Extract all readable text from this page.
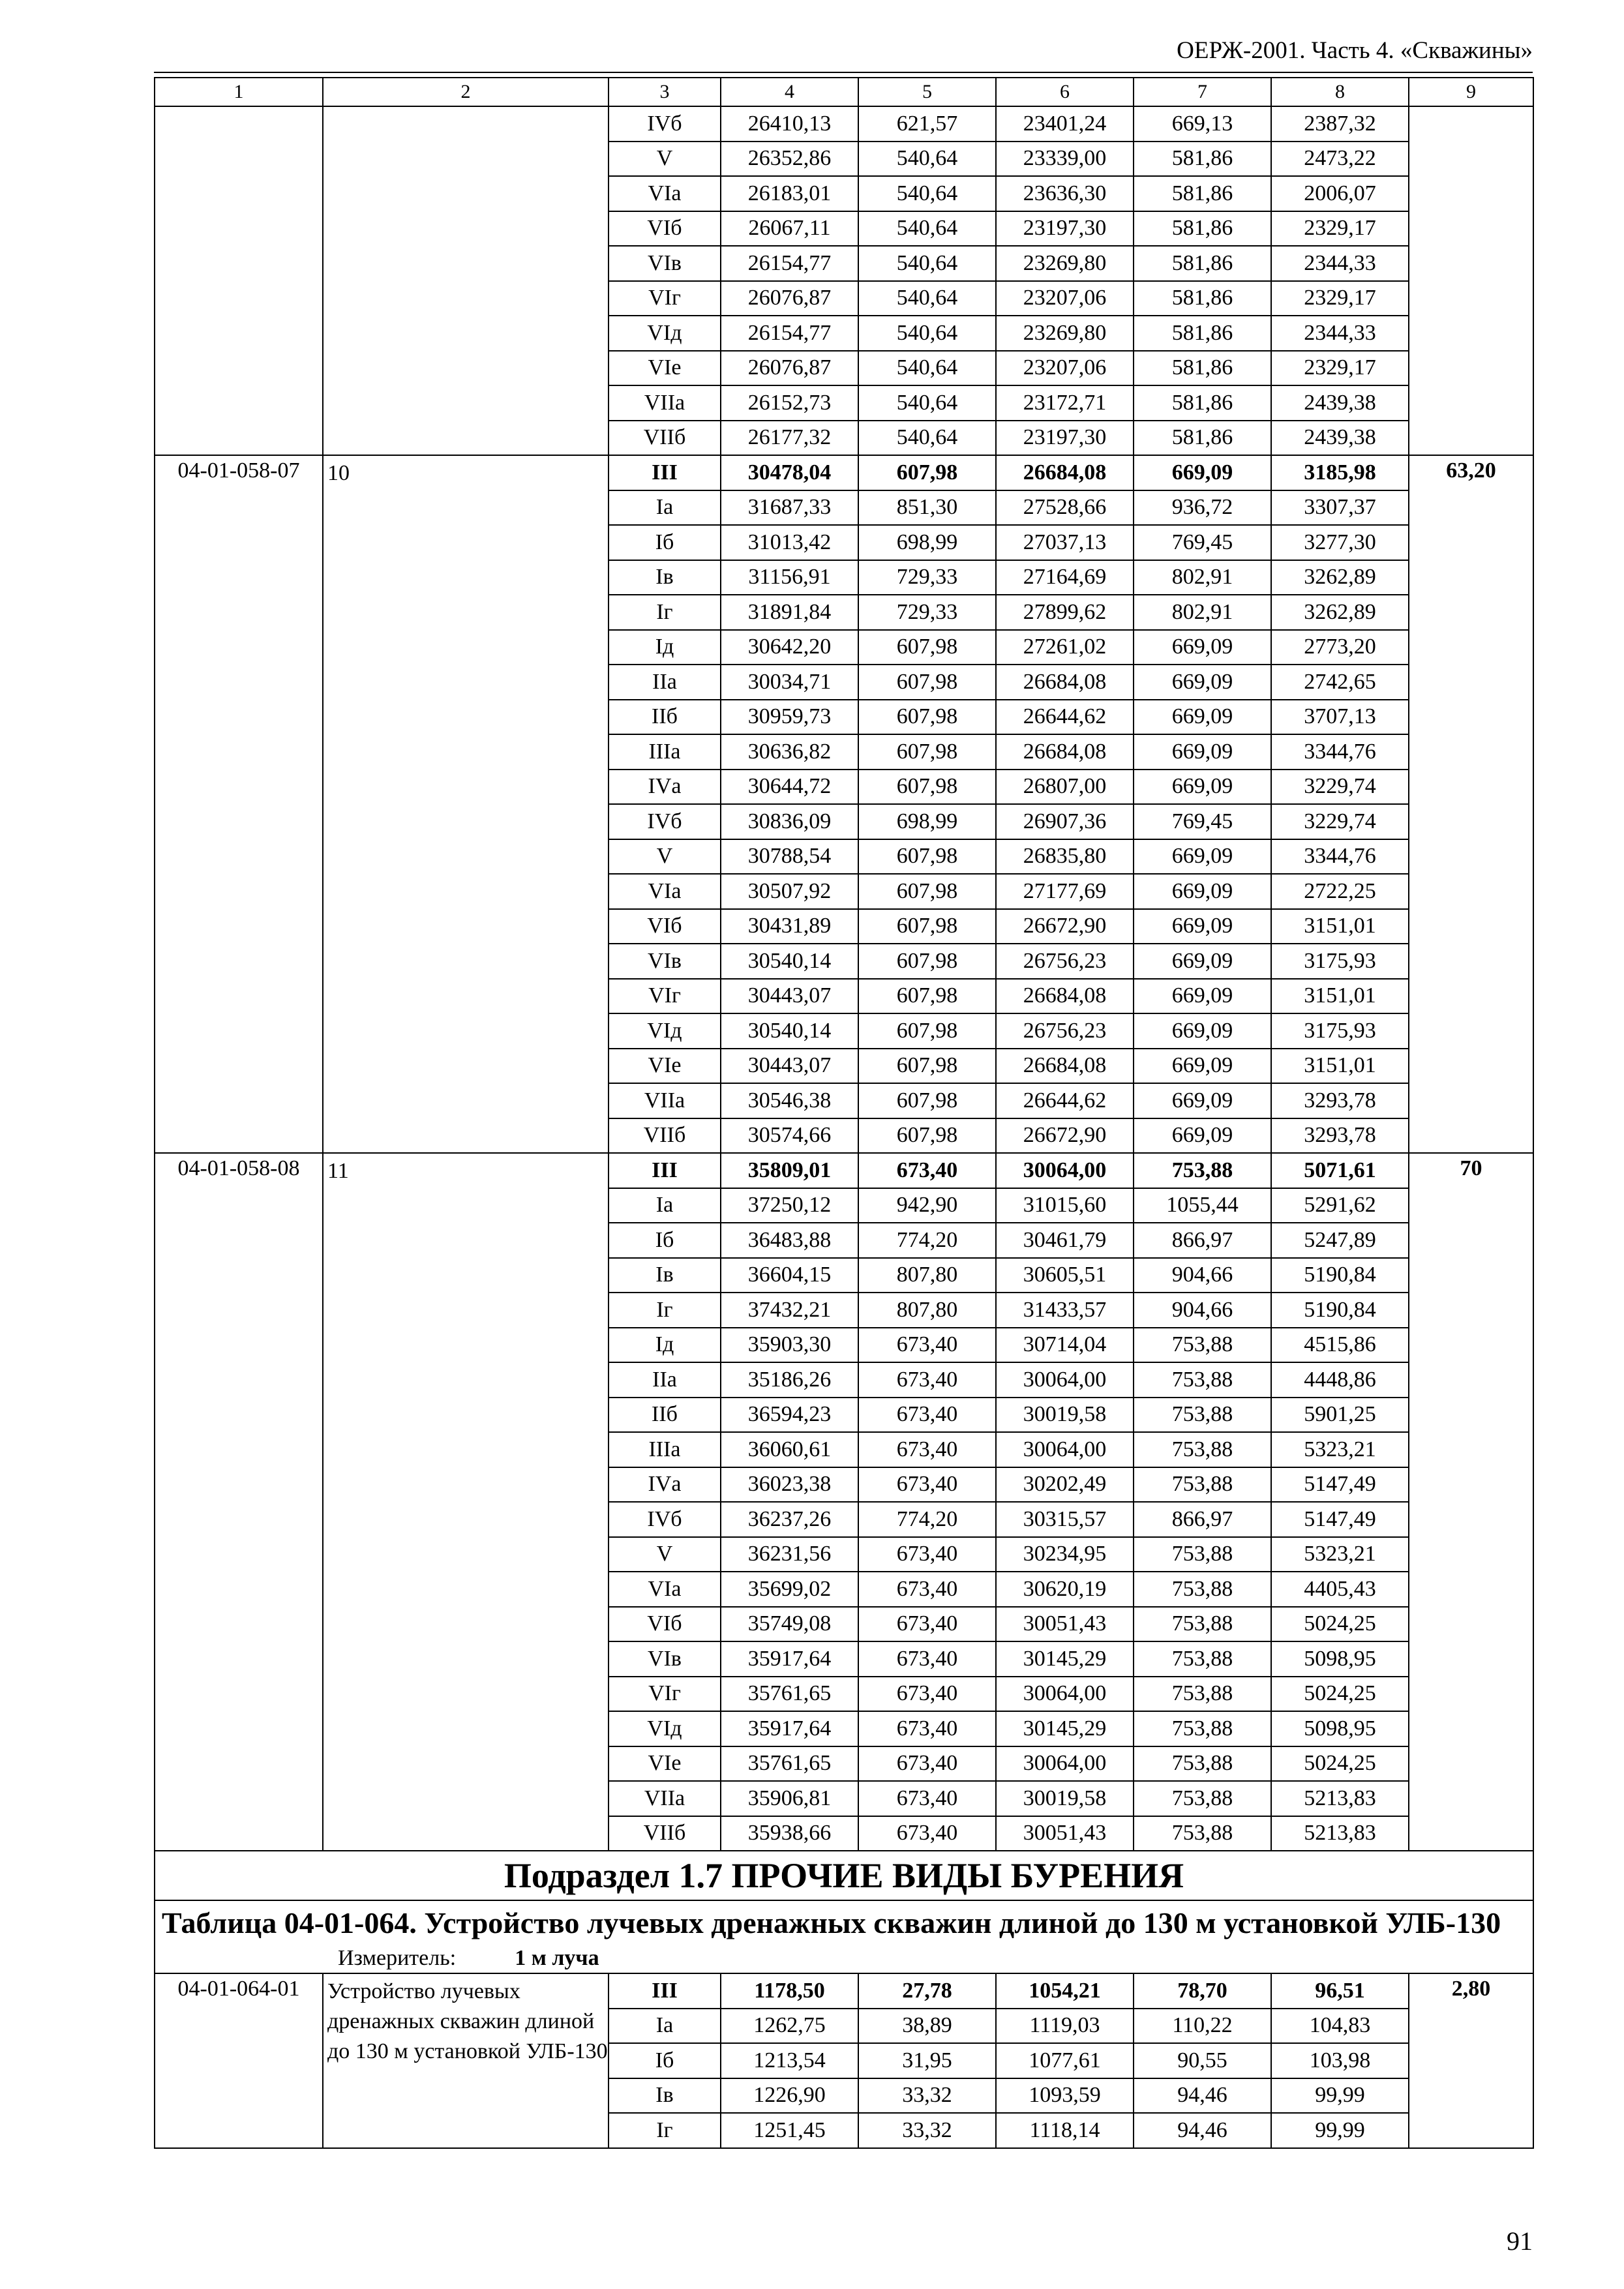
ОЕРЖ-2001. Часть 4. «Скважины»
1	2	3	4	5	6	7	8	9
		IVб	26410,13	621,57	23401,24	669,13	2387,32	
		V	26352,86	540,64	23339,00	581,86	2473,22	
		VIа	26183,01	540,64	23636,30	581,86	2006,07	
		VIб	26067,11	540,64	23197,30	581,86	2329,17	
		VIв	26154,77	540,64	23269,80	581,86	2344,33	
		VIг	26076,87	540,64	23207,06	581,86	2329,17	
		VIд	26154,77	540,64	23269,80	581,86	2344,33	
		VIе	26076,87	540,64	23207,06	581,86	2329,17	
		VIIа	26152,73	540,64	23172,71	581,86	2439,38	
		VIIб	26177,32	540,64	23197,30	581,86	2439,38	
04-01-058-07	10	III	30478,04	607,98	26684,08	669,09	3185,98	63,20
		Iа	31687,33	851,30	27528,66	936,72	3307,37	
		Iб	31013,42	698,99	27037,13	769,45	3277,30	
		Iв	31156,91	729,33	27164,69	802,91	3262,89	
		Iг	31891,84	729,33	27899,62	802,91	3262,89	
		Iд	30642,20	607,98	27261,02	669,09	2773,20	
		IIа	30034,71	607,98	26684,08	669,09	2742,65	
		IIб	30959,73	607,98	26644,62	669,09	3707,13	
		IIIа	30636,82	607,98	26684,08	669,09	3344,76	
		IVа	30644,72	607,98	26807,00	669,09	3229,74	
		IVб	30836,09	698,99	26907,36	769,45	3229,74	
		V	30788,54	607,98	26835,80	669,09	3344,76	
		VIа	30507,92	607,98	27177,69	669,09	2722,25	
		VIб	30431,89	607,98	26672,90	669,09	3151,01	
		VIв	30540,14	607,98	26756,23	669,09	3175,93	
		VIг	30443,07	607,98	26684,08	669,09	3151,01	
		VIд	30540,14	607,98	26756,23	669,09	3175,93	
		VIе	30443,07	607,98	26684,08	669,09	3151,01	
		VIIа	30546,38	607,98	26644,62	669,09	3293,78	
		VIIб	30574,66	607,98	26672,90	669,09	3293,78	
04-01-058-08	11	III	35809,01	673,40	30064,00	753,88	5071,61	70
		Iа	37250,12	942,90	31015,60	1055,44	5291,62	
		Iб	36483,88	774,20	30461,79	866,97	5247,89	
		Iв	36604,15	807,80	30605,51	904,66	5190,84	
		Iг	37432,21	807,80	31433,57	904,66	5190,84	
		Iд	35903,30	673,40	30714,04	753,88	4515,86	
		IIа	35186,26	673,40	30064,00	753,88	4448,86	
		IIб	36594,23	673,40	30019,58	753,88	5901,25	
		IIIа	36060,61	673,40	30064,00	753,88	5323,21	
		IVа	36023,38	673,40	30202,49	753,88	5147,49	
		IVб	36237,26	774,20	30315,57	866,97	5147,49	
		V	36231,56	673,40	30234,95	753,88	5323,21	
		VIа	35699,02	673,40	30620,19	753,88	4405,43	
		VIб	35749,08	673,40	30051,43	753,88	5024,25	
		VIв	35917,64	673,40	30145,29	753,88	5098,95	
		VIг	35761,65	673,40	30064,00	753,88	5024,25	
		VIд	35917,64	673,40	30145,29	753,88	5098,95	
		VIе	35761,65	673,40	30064,00	753,88	5024,25	
		VIIа	35906,81	673,40	30019,58	753,88	5213,83	
		VIIб	35938,66	673,40	30051,43	753,88	5213,83	
Подраздел 1.7 ПРОЧИЕ ВИДЫ БУРЕНИЯ								

Таблица 04-01-064. Устройство лучевых дренажных скважин длиной до 130 м установкой УЛБ-130
Измеритель: 1 м луча								

04-01-064-01	Устройство лучевых дренажных скважин длиной до 130 м установкой УЛБ-130	III	1178,50	27,78	1054,21	78,70	96,51	2,80
		Iа	1262,75	38,89	1119,03	110,22	104,83	
		Iб	1213,54	31,95	1077,61	90,55	103,98	
		Iв	1226,90	33,32	1093,59	94,46	99,99	
		Iг	1251,45	33,32	1118,14	94,46	99,99	
91
